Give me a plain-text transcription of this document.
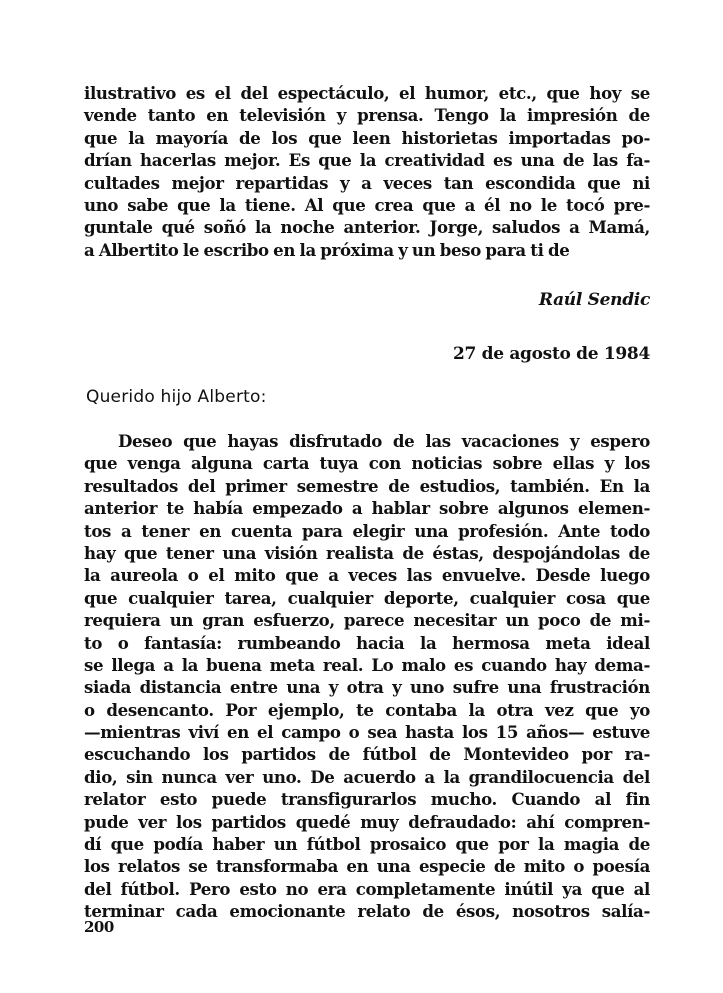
ilustrativo es el del espectáculo, el humor, etc., que hoy se
vende tanto en televisión y prensa. Tengo la impresión de
que la mayoría de los que leen historietas importadas po-
drían hacerlas mejor. Es que la creatividad es una de las fa-
cultades mejor repartidas y a veces tan escondida que ni
uno sabe que la tiene. Al que crea que a él no le tocó pre-
guntale qué soñó la noche anterior. Jorge, saludos a Mamá,
a Albertito le escribo en la próxima y un beso para ti de
Raúl Sendic
27 de agosto de 1984
Querido hijo Alberto:
Deseo que hayas disfrutado de las vacaciones y espero
que venga alguna carta tuya con noticias sobre ellas y los
resultados del primer semestre de estudios, también. En la
anterior te había empezado a hablar sobre algunos elemen-
tos a tener en cuenta para elegir una profesión. Ante todo
hay que tener una visión realista de éstas, despojándolas de
la aureola o el mito que a veces las envuelve. Desde luego
que cualquier tarea, cualquier deporte, cualquier cosa que
requiera un gran esfuerzo, parece necesitar un poco de mi-
to o fantasía: rumbeando hacia la hermosa meta ideal
se llega a la buena meta real. Lo malo es cuando hay dema-
siada distancia entre una y otra y uno sufre una frustración
o desencanto. Por ejemplo, te contaba la otra vez que yo
—mientras viví en el campo o sea hasta los 15 años— estuve
escuchando los partidos de fútbol de Montevideo por ra-
dio, sin nunca ver uno. De acuerdo a la grandilocuencia del
relator esto puede transfigurarlos mucho. Cuando al fin
pude ver los partidos quedé muy defraudado: ahí compren-
dí que podía haber un fútbol prosaico que por la magia de
los relatos se transformaba en una especie de mito o poesía
del fútbol. Pero esto no era completamente inútil ya que al
terminar cada emocionante relato de ésos, nosotros salía-
200
